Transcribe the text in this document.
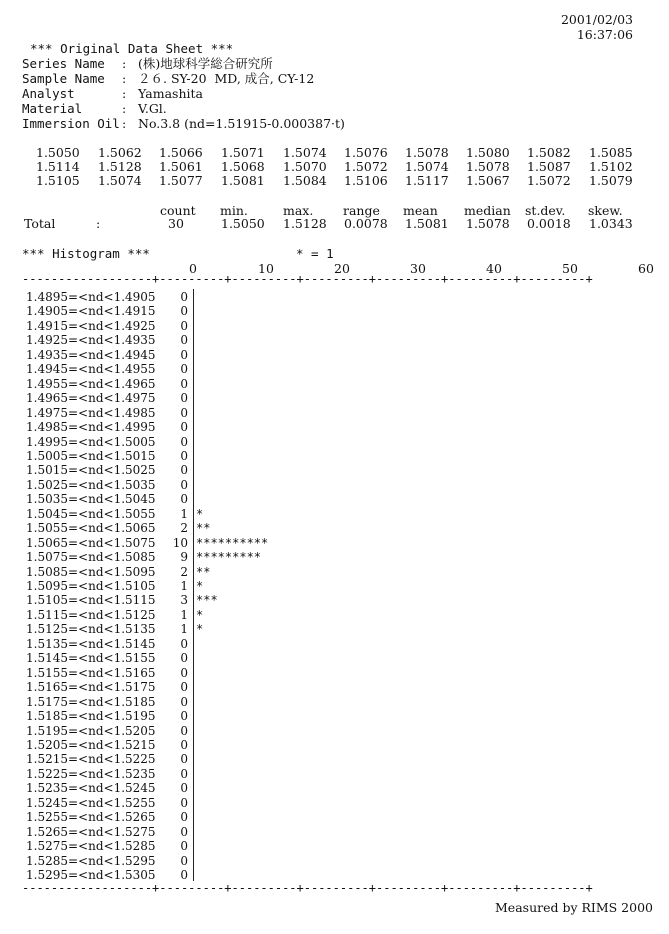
2001/02/03
16:37:06
*** Original Data Sheet ***
Series Name : (株)地球科学総合研究所
Sample Name : ２６. SY-20  MD, 成合, CY-12
Analyst	: Yamashita
Material	: V.Gl.
Immersion Oil : No.3.8 (nd=1.51915-0.000387·t)
1.5050 1.5062 1.5066 1.5071 1.5074 1.5076 1.5078 1.5080 1.5082 1.5085
1.5114 1.5128 1.5061 1.5068 1.5070 1.5072 1.5074 1.5078 1.5087 1.5102
1.5105 1.5074 1.5077 1.5081 1.5084 1.5106 1.5117 1.5067 1.5072 1.5079
count min.	max. range mean median st.dev. skew.
Total	:	30	1.5050 1.5128 0.0078 1.5081 1.5078 0.0018 1.0343
*** Histogram ***	* = 1
0	10	20	30	40	50	60
------------------+---------+---------+---------+---------+---------+---------+
1.4895=<nd<1.4905	0
1.4905=<nd<1.4915	0
1.4915=<nd<1.4925	0
1.4925=<nd<1.4935	0
1.4935=<nd<1.4945	0
1.4945=<nd<1.4955	0
1.4955=<nd<1.4965	0
1.4965=<nd<1.4975	0
1.4975=<nd<1.4985	0
1.4985=<nd<1.4995	0
1.4995=<nd<1.5005	0
1.5005=<nd<1.5015	0
1.5015=<nd<1.5025	0
1.5025=<nd<1.5035	0
1.5035=<nd<1.5045	0
1.5045=<nd<1.5055	1 *
1.5055=<nd<1.5065	2 **
1.5065=<nd<1.5075	10 **********
1.5075=<nd<1.5085	9 *********
1.5085=<nd<1.5095	2 **
1.5095=<nd<1.5105	1 *
1.5105=<nd<1.5115	3 ***
1.5115=<nd<1.5125	1 *
1.5125=<nd<1.5135	1 *
1.5135=<nd<1.5145	0
1.5145=<nd<1.5155	0
1.5155=<nd<1.5165	0
1.5165=<nd<1.5175	0
1.5175=<nd<1.5185	0
1.5185=<nd<1.5195	0
1.5195=<nd<1.5205	0
1.5205=<nd<1.5215	0
1.5215=<nd<1.5225	0
1.5225=<nd<1.5235	0
1.5235=<nd<1.5245	0
1.5245=<nd<1.5255	0
1.5255=<nd<1.5265	0
1.5265=<nd<1.5275	0
1.5275=<nd<1.5285	0
1.5285=<nd<1.5295	0
1.5295=<nd<1.5305	0
------------------+---------+---------+---------+---------+---------+---------+
Measured by RIMS 2000
